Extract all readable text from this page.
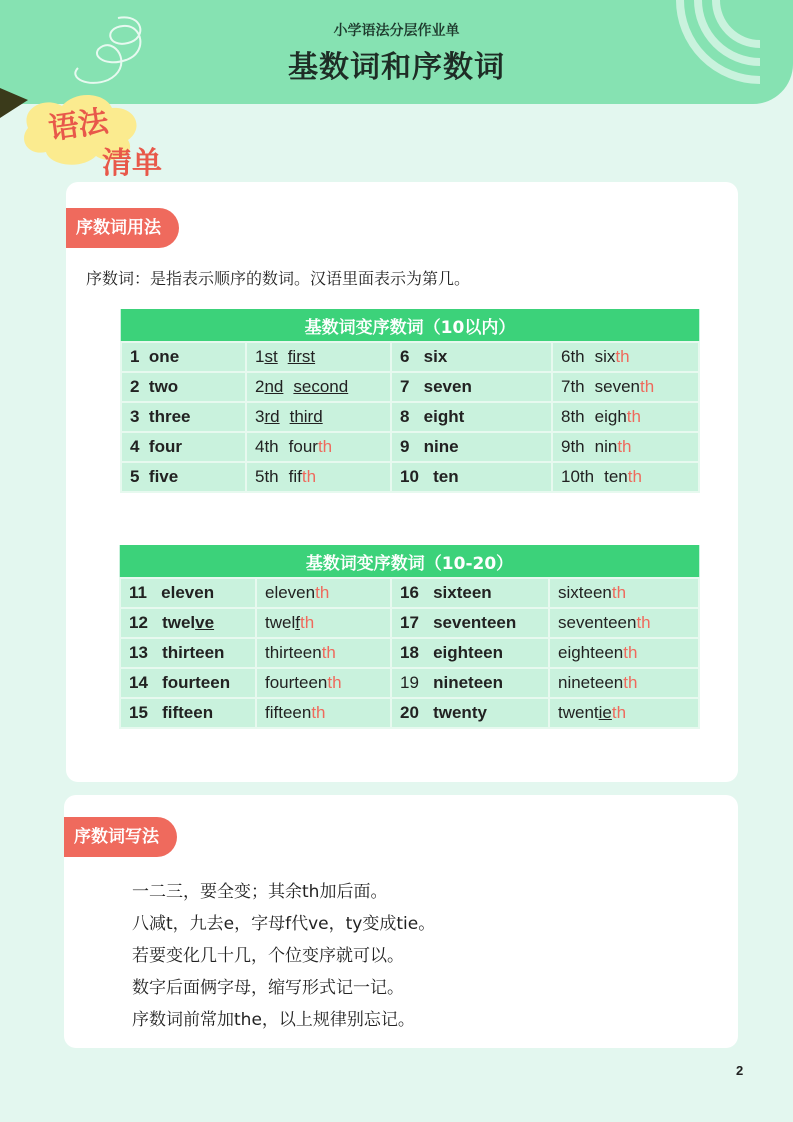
小学语法分层作业单
基数词和序数词
语法
清单
序数词用法
序数词：是指表示顺序的数词。汉语里面表示为第几。
基数词变序数词（10以内）			
1 one	1st first	6 six	6th sixth
2 two	2nd second	7 seven	7th seventh
3 three	3rd third	8 eight	8th eighth
4 four	4th fourth	9 nine	9th ninth
5 five	5th fifth	10 ten	10th tenth
基数词变序数词（10-20）			
11 eleven	eleventh	16 sixteen	sixteenth
12 twelve	twelfth	17 seventeen	seventeenth
13 thirteen	thirteenth	18 eighteen	eighteenth
14 fourteen	fourteenth	19 nineteen	nineteenth
15 fifteen	fifteenth	20 twenty	twentieth
序数词写法
一二三，要全变；其余th加后面。
八减t，九去e，字母f代ve，ty变成tie。
若要变化几十几，个位变序就可以。
数字后面俩字母，缩写形式记一记。
序数词前常加the，以上规律别忘记。
2
